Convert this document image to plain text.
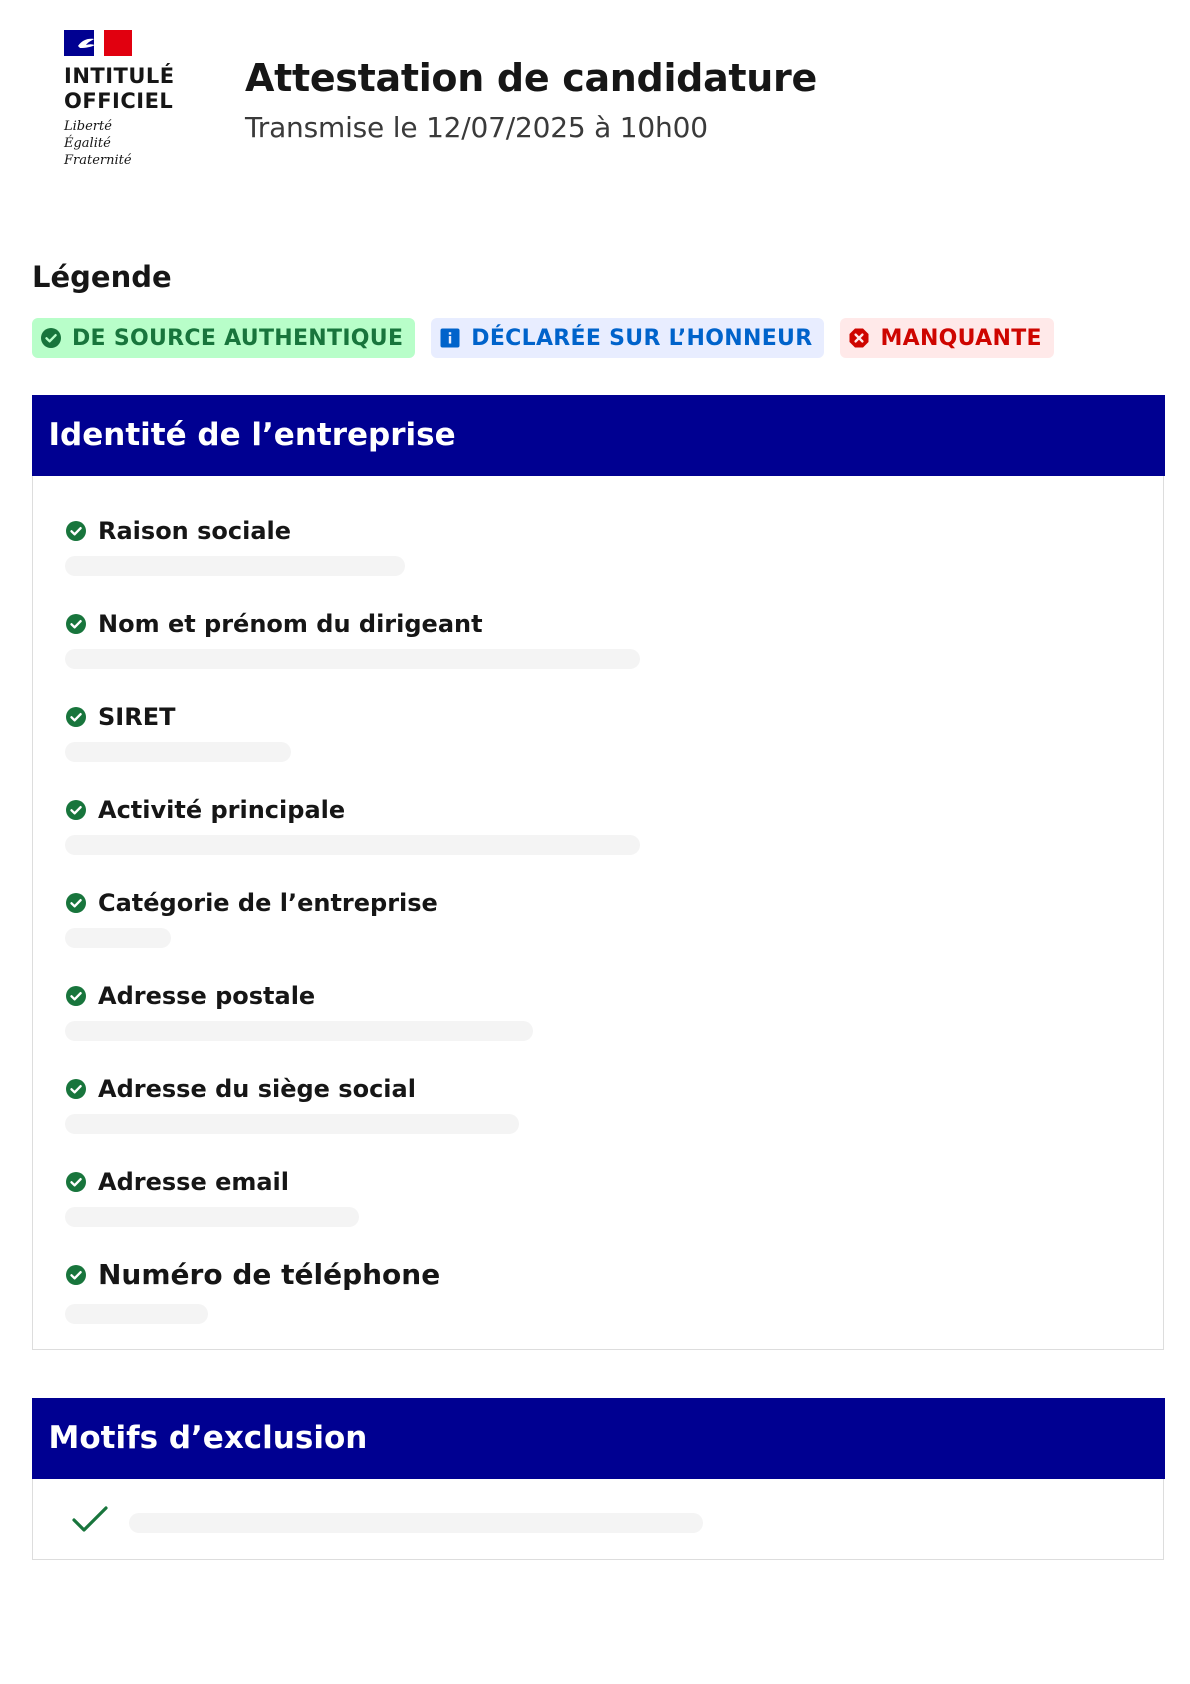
INTITULÉ
OFFICIEL
Liberté
Égalité
Fraternité
Attestation de candidature
Transmise le 12/07/2025 à 10h00
Légende
DE SOURCE AUTHENTIQUE	DÉCLARÉE SUR L’HONNEUR	MANQUANTE
Identité de l’entreprise
Raison sociale
Nom et prénom du dirigeant
SIRET
Activité principale
Catégorie de l’entreprise
Adresse postale
Adresse du siège social
Adresse email
Numéro de téléphone
Motifs d’exclusion
